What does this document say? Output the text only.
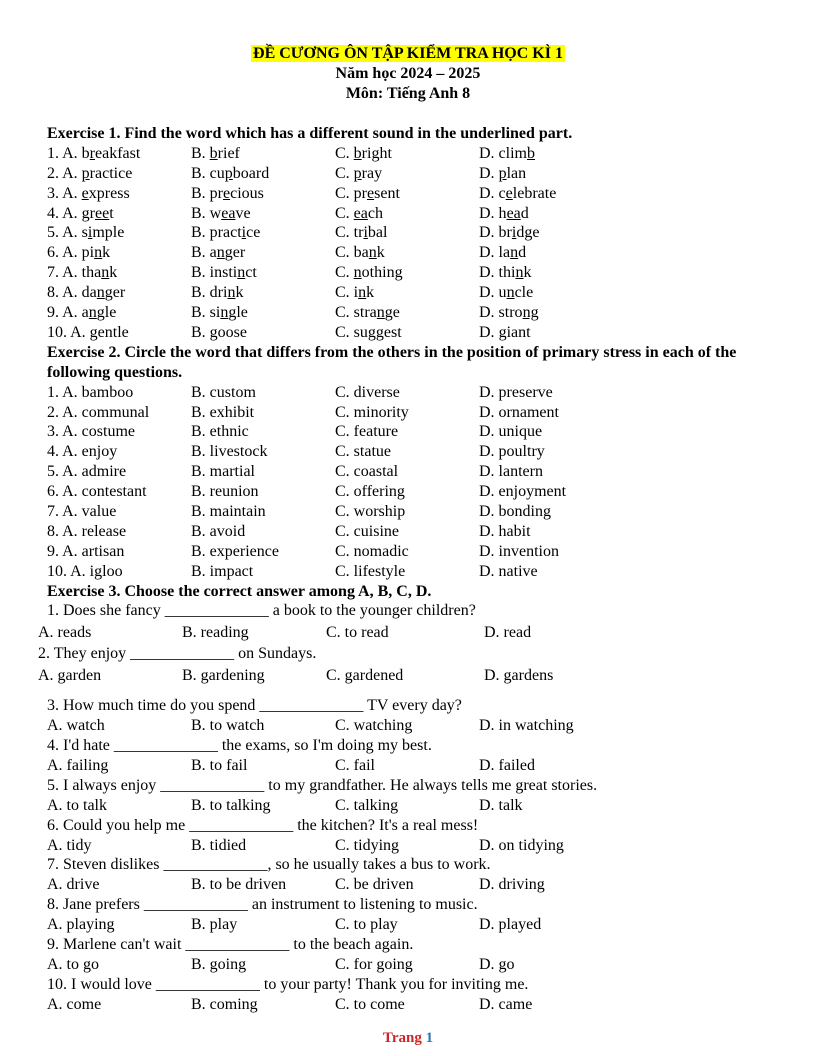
ĐỀ CƯƠNG ÔN TẬP KIỂM TRA HỌC KÌ 1
Năm học 2024 – 2025
Môn: Tiếng Anh 8
Exercise 1. Find the word which has a different sound in the underlined part.
1. A. breakfast	B. brief	C. bright	D. climb
2. A. practice	B. cupboard	C. pray	D. plan
3. A. express	B. precious	C. present	D. celebrate
4. A. greet	B. weave	C. each	D. head
5. A. simple	B. practice	C. tribal	D. bridge
6. A. pink	B. anger	C. bank	D. land
7. A. thank	B. instinct	C. nothing	D. think
8. A. danger	B. drink	C. ink	D. uncle
9. A. angle	B. single	C. strange	D. strong
10. A. gentle	B. goose	C. suggest	D. giant
Exercise 2. Circle the word that differs from the others in the position of primary stress in each of the following questions.
1. A. bamboo	B. custom	C. diverse	D. preserve
2. A. communal	B. exhibit	C. minority	D. ornament
3. A. costume	B. ethnic	C. feature	D. unique
4. A. enjoy	B. livestock	C. statue	D. poultry
5. A. admire	B. martial	C. coastal	D. lantern
6. A. contestant	B. reunion	C. offering	D. enjoyment
7. A. value	B. maintain	C. worship	D. bonding
8. A. release	B. avoid	C. cuisine	D. habit
9. A. artisan	B. experience	C. nomadic	D. invention
10. A. igloo	B. impact	C. lifestyle	D. native
Exercise 3. Choose the correct answer among A, B, C, D.
1. Does she fancy _____________ a book to the younger children?
A. reads	B. reading	C. to read	D. read
2. They enjoy _____________ on Sundays.
A. garden	B. gardening	C. gardened	D. gardens
3. How much time do you spend _____________ TV every day?
A. watch	B. to watch	C. watching	D. in watching
4. I'd hate _____________ the exams, so I'm doing my best.
A. failing	B. to fail	C. fail	D. failed
5. I always enjoy _____________ to my grandfather. He always tells me great stories.
A. to talk	B. to talking	C. talking	D. talk
6. Could you help me _____________ the kitchen? It's a real mess!
A. tidy	B. tidied	C. tidying	D. on tidying
7. Steven dislikes _____________, so he usually takes a bus to work.
A. drive	B. to be driven	C. be driven	D. driving
8. Jane prefers _____________ an instrument to listening to music.
A. playing	B. play	C. to play	D. played
9. Marlene can't wait _____________ to the beach again.
A. to go	B. going	C. for going	D. go
10. I would love _____________ to your party! Thank you for inviting me.
A. come	B. coming	C. to come	D. came
Trang 1
